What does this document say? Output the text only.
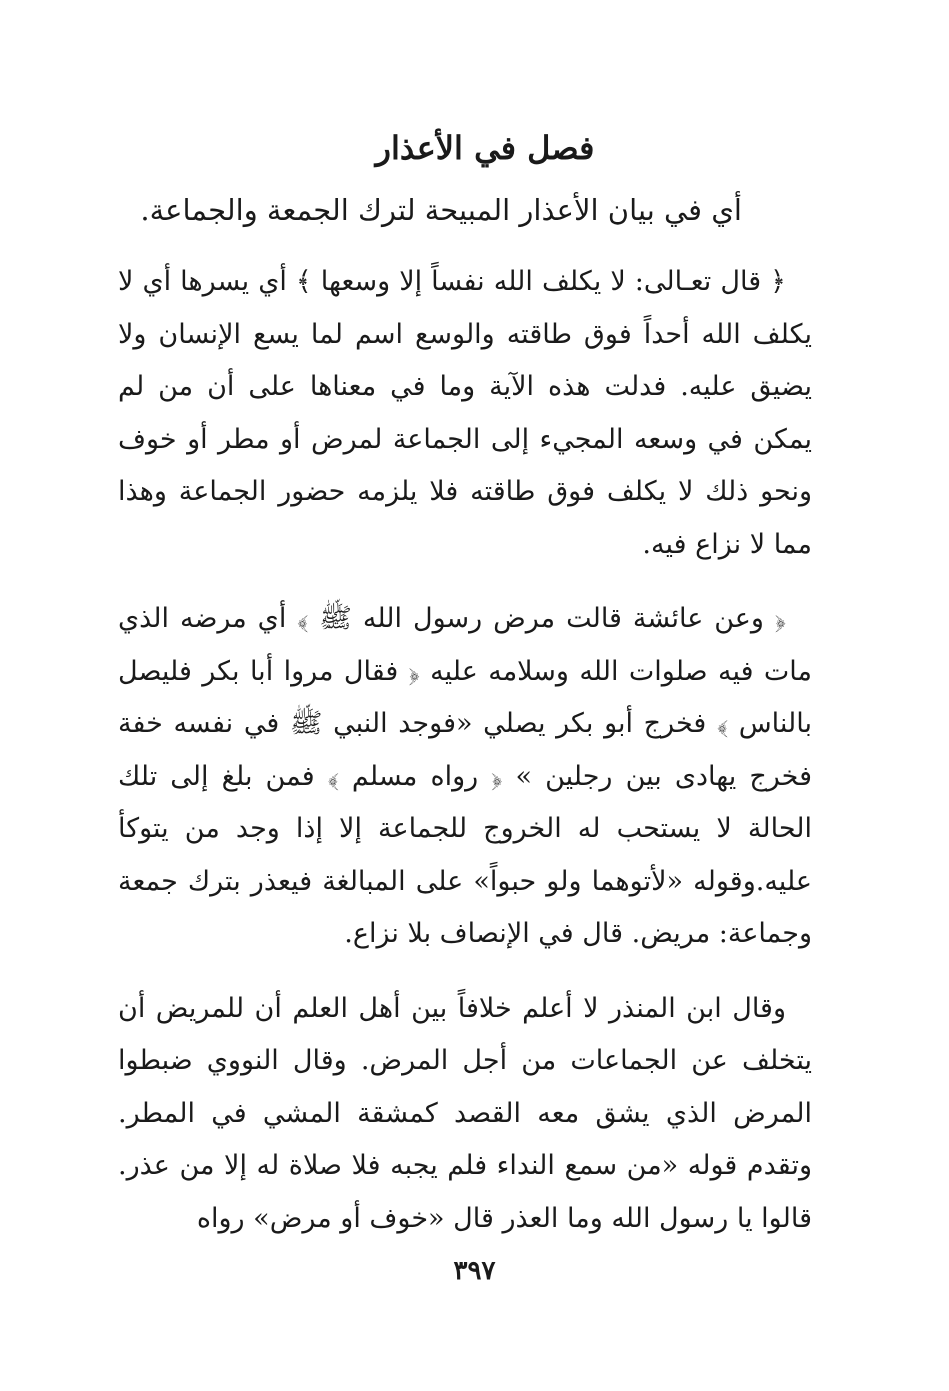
فصل في الأعذار
أي في بيان الأعذار المبيحة لترك الجمعة والجماعة.

﴿ قال تعـالى: لا يكلف الله نفساً إلا وسعها ﴾ أي يسرها أي لا يكلف الله أحداً فوق طاقته والوسع اسم لما يسع الإنسان ولا يضيق عليه. فدلت هذه الآية وما في معناها على أن من لم يمكن في وسعه المجيء إلى الجماعة لمرض أو مطر أو خوف ونحو ذلك لا يكلف فوق طاقته فلا يلزمه حضور الجماعة وهذا مما لا نزاع فيه.

﴿ وعن عائشة قالت مرض رسول الله ﷺ ﴾ أي مرضه الذي مات فيه صلوات الله وسلامه عليه ﴿ فقال مروا أبا بكر فليصل بالناس ﴾ فخرج أبو بكر يصلي «فوجد النبي ﷺ في نفسه خفة فخرج يهادى بين رجلين » ﴿ رواه مسلم ﴾ فمن بلغ إلى تلك الحالة لا يستحب له الخروج للجماعة إلا إذا وجد من يتوكأ عليه.وقوله «لأتوهما ولو حبواً» على المبالغة فيعذر بترك جمعة وجماعة: مريض. قال في الإنصاف بلا نزاع.

وقال ابن المنذر لا أعلم خلافاً بين أهل العلم أن للمريض أن يتخلف عن الجماعات من أجل المرض. وقال النووي ضبطوا المرض الذي يشق معه القصد كمشقة المشي في المطر. وتقدم قوله «من سمع النداء فلم يجبه فلا صلاة له إلا من عذر. قالوا يا رسول الله وما العذر قال «خوف أو مرض» رواه

٣٩٧
